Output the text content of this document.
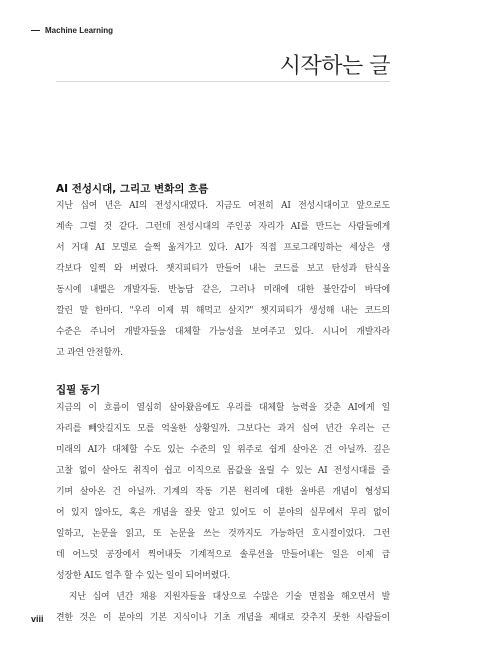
Machine Learning
시작하는 글
AI 전성시대, 그리고 변화의 흐름
지난 십여 년은 AI의 전성시대였다. 지금도 여전히 AI 전성시대이고 앞으로도
계속 그럴 것 같다. 그런데 전성시대의 주인공 자리가 AI를 만드는 사람들에게
서 거대 AI 모델로 슬쩍 옮겨가고 있다. AI가 직접 프로그래밍하는 세상은 생
각보다 일찍 와 버렸다. 챗지피티가 만들어 내는 코드를 보고 탄성과 탄식을
동시에 내뱉은 개발자들. 반농담 같은, 그러나 미래에 대한 불안감이 바닥에
깔린 말 한마디. "우리 이제 뭐 해먹고 살지?" 챗지피티가 생성해 내는 코드의
수준은 주니어 개발자들을 대체할 가능성을 보여주고 있다. 시니어 개발자라
고 과연 안전할까.
집필 동기
지금의 이 흐름이 열심히 살아왔음에도 우리를 대체할 능력을 갖춘 AI에게 일
자리를 빼앗길지도 모를 억울한 상황일까. 그보다는 과거 십여 년간 우리는 근
미래의 AI가 대체할 수도 있는 수준의 일 위주로 쉽게 살아온 건 아닐까. 깊은
고찰 없이 살아도 취직이 쉽고 이직으로 몸값을 올릴 수 있는 AI 전성시대를 즐
기며 살아온 건 아닐까. 기계의 작동 기본 원리에 대한 올바른 개념이 형성되
어 있지 않아도, 혹은 개념을 잘못 알고 있어도 이 분야의 실무에서 무리 없이
일하고, 논문을 읽고, 또 논문을 쓰는 것까지도 가능하던 호시절이었다. 그런
데 어느덧 공장에서 찍어내듯 기계적으로 솔루션을 만들어내는 일은 이제 급
성장한 AI도 얼추 할 수 있는 일이 되어버렸다.
　지난 십여 년간 채용 지원자들을 대상으로 수많은 기술 면접을 해오면서 발
견한 것은 이 분야의 기본 지식이나 기초 개념을 제대로 갖추지 못한 사람들이
viii
